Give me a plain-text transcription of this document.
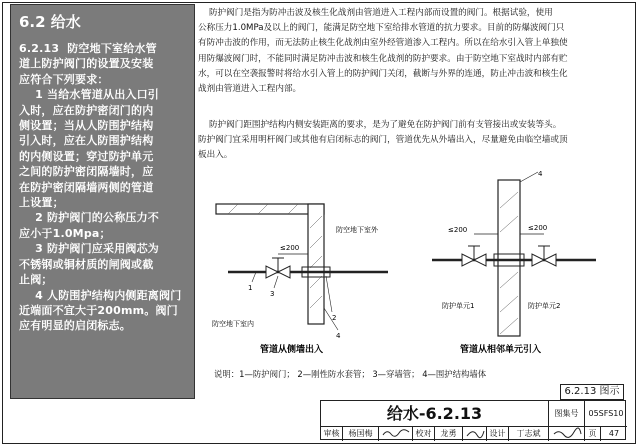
6.2 给水
6.2.13  防空地下室给水管
道上防护阀门的设置及安装
应符合下列要求：
1 当给水管道从出入口引
入时，应在防护密闭门的内
侧设置；当从人防围护结构
引入时，应在人防围护结构
的内侧设置；穿过防护单元
之间的防护密闭隔墙时，应
在防护密闭隔墙两侧的管道
上设置；
2 防护阀门的公称压力不
应小于1.0Mpa；
3 防护阀门应采用阀芯为
不锈钢或铜材质的闸阀或截
止阀；
4 人防围护结构内侧距离阀门
近端面不宜大于200mm。阀门
应有明显的启闭标志。

防护阀门是指为防冲击波及核生化战剂由管道进入工程内部而设置的阀门。根据试验，使用
公称压力1.0MPa及以上的阀门，能满足防空地下室给排水管道的抗力要求。目前的防爆波阀门只
有防冲击波的作用，而无法防止核生化战剂由室外经管道渗入工程内。所以在给水引入管上单独使
用防爆波阀门时，不能同时满足防冲击波和核生化战剂的防护要求。由于防空地下室战时内部有贮
水，可以在空袭报警时将给水引入管上的防护阀门关闭，截断与外界的连通，防止冲击波和核生化
战剂由管道进入工程内部。

防护阀门距围护结构内侧安装距离的要求，是为了避免在防护阀门前有支管接出或安装等头。
防护阀门宜采用明杆阀门或其他有启闭标志的阀门，管道优先从外墙出入，尽量避免由临空墙或顶
板出入。

≤200
防空地下室外
防空地下室内
3
1
2
4
管道从侧墙出入
≤200	≤200
4
防护单元1	防护单元2
管道从相邻单元引入
说明：1—防护阀门； 2—刚性防水套管； 3—穿墙管； 4—围护结构墙体
6.2.13 图示
给水-6.2.13	图集号	05SFS10
审核	杨国梅	校对	龙勇	设计	丁志斌	页	47
